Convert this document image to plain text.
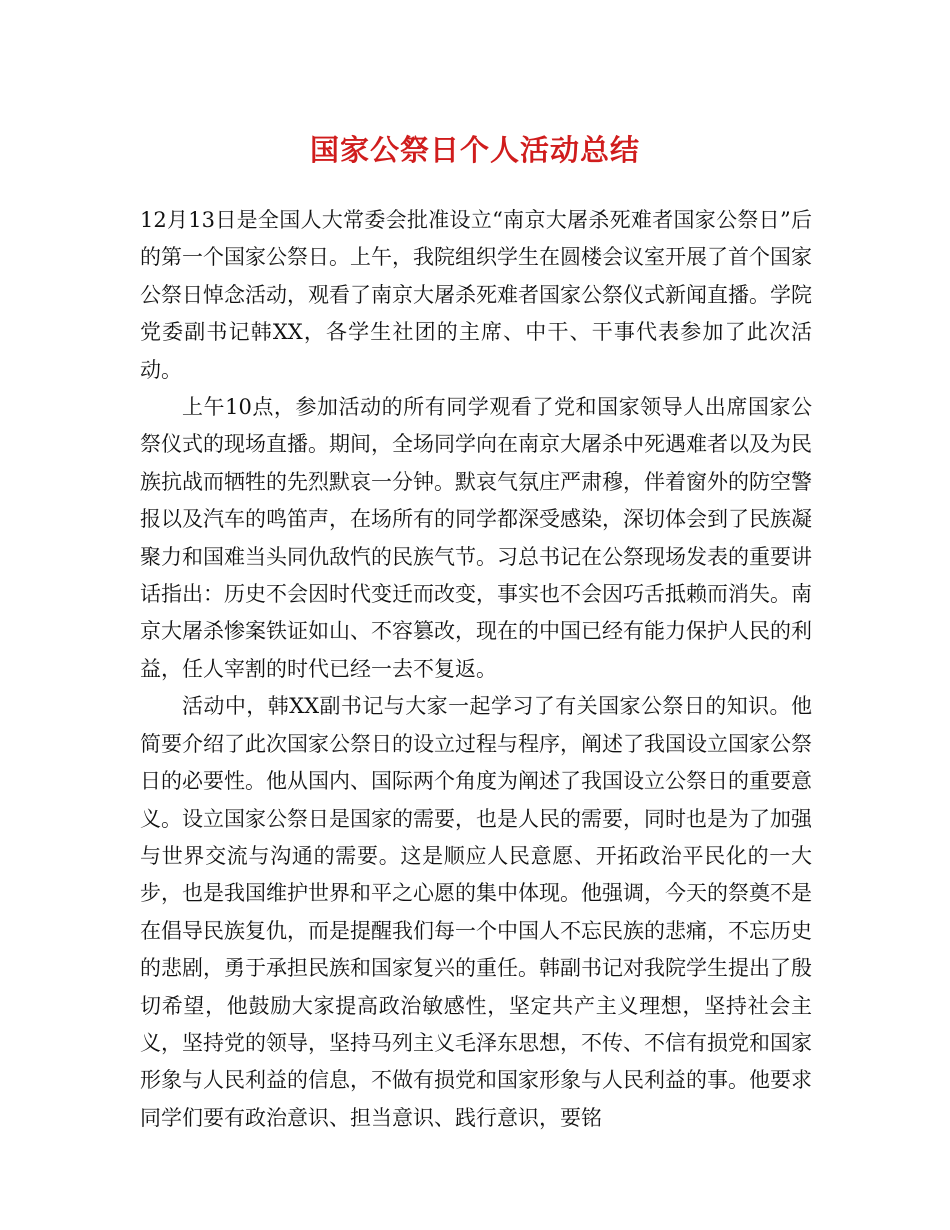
国家公祭日个人活动总结

12月13日是全国人大常委会批准设立“南京大屠杀死难者国家公祭日”后的第一个国家公祭日。上午，我院组织学生在圆楼会议室开展了首个国家公祭日悼念活动，观看了南京大屠杀死难者国家公祭仪式新闻直播。学院党委副书记韩XX，各学生社团的主席、中干、干事代表参加了此次活动。

上午10点，参加活动的所有同学观看了党和国家领导人出席国家公祭仪式的现场直播。期间，全场同学向在南京大屠杀中死遇难者以及为民族抗战而牺牲的先烈默哀一分钟。默哀气氛庄严肃穆，伴着窗外的防空警报以及汽车的鸣笛声，在场所有的同学都深受感染，深切体会到了民族凝聚力和国难当头同仇敌忾的民族气节。习总书记在公祭现场发表的重要讲话指出：历史不会因时代变迁而改变，事实也不会因巧舌抵赖而消失。南京大屠杀惨案铁证如山、不容篡改，现在的中国已经有能力保护人民的利益，任人宰割的时代已经一去不复返。

活动中，韩XX副书记与大家一起学习了有关国家公祭日的知识。他简要介绍了此次国家公祭日的设立过程与程序，阐述了我国设立国家公祭日的必要性。他从国内、国际两个角度为阐述了我国设立公祭日的重要意义。设立国家公祭日是国家的需要，也是人民的需要，同时也是为了加强与世界交流与沟通的需要。这是顺应人民意愿、开拓政治平民化的一大步，也是我国维护世界和平之心愿的集中体现。他强调，今天的祭奠不是在倡导民族复仇，而是提醒我们每一个中国人不忘民族的悲痛，不忘历史的悲剧，勇于承担民族和国家复兴的重任。韩副书记对我院学生提出了殷切希望，他鼓励大家提高政治敏感性，坚定共产主义理想，坚持社会主义，坚持党的领导，坚持马列主义毛泽东思想，不传、不信有损党和国家形象与人民利益的信息，不做有损党和国家形象与人民利益的事。他要求同学们要有政治意识、担当意识、践行意识，要铭
